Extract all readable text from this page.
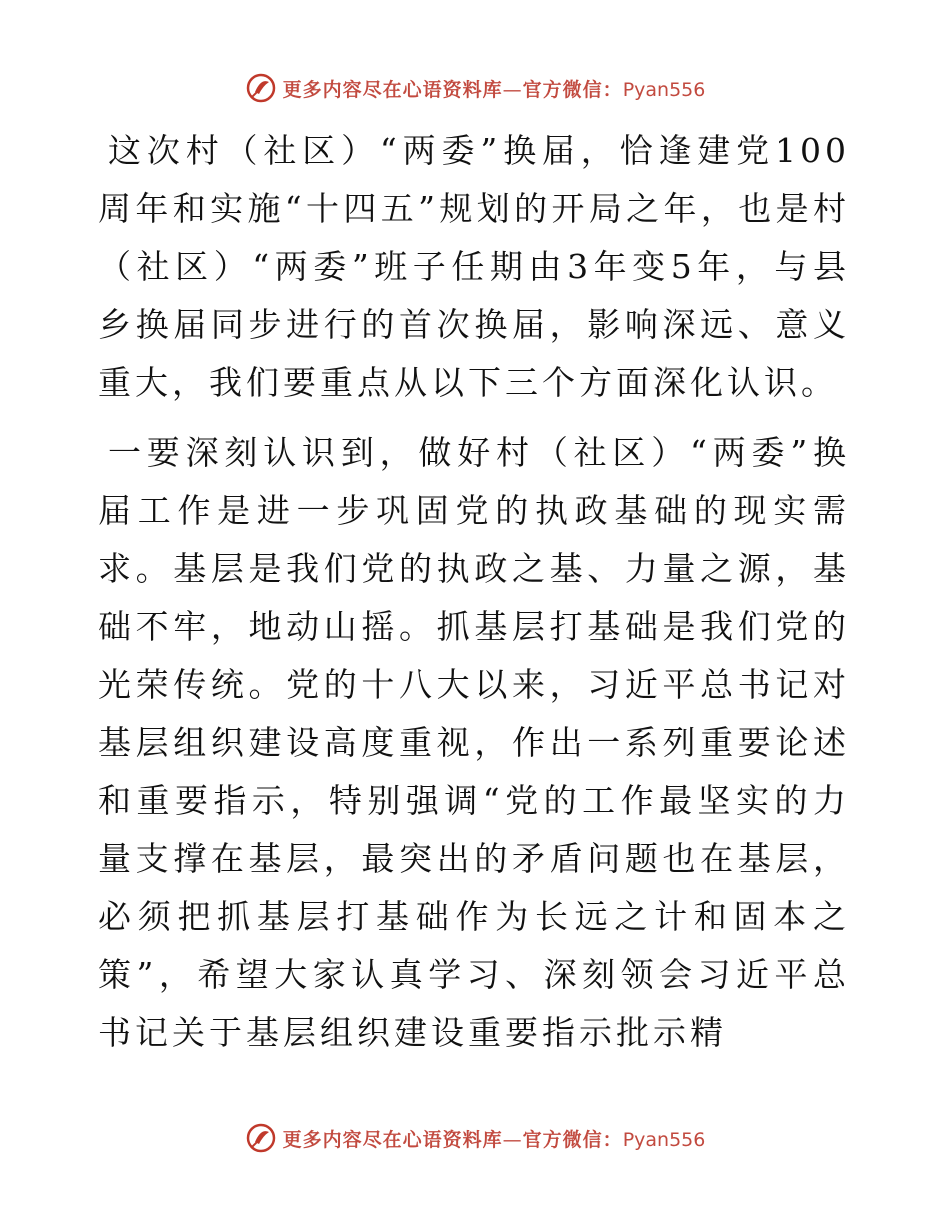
更多内容尽在心语资料库—官方微信：Pyan556

这次村（社区）“两委”换届，恰逢建党100周年和实施“十四五”规划的开局之年，也是村（社区）“两委”班子任期由3年变5年，与县乡换届同步进行的首次换届，影响深远、意义重大，我们要重点从以下三个方面深化认识。

一要深刻认识到，做好村（社区）“两委”换届工作是进一步巩固党的执政基础的现实需求。基层是我们党的执政之基、力量之源，基础不牢，地动山摇。抓基层打基础是我们党的光荣传统。党的十八大以来，习近平总书记对基层组织建设高度重视，作出一系列重要论述和重要指示，特别强调“党的工作最坚实的力量支撑在基层，最突出的矛盾问题也在基层，必须把抓基层打基础作为长远之计和固本之策”，希望大家认真学习、深刻领会习近平总书记关于基层组织建设重要指示批示精

更多内容尽在心语资料库—官方微信：Pyan556
